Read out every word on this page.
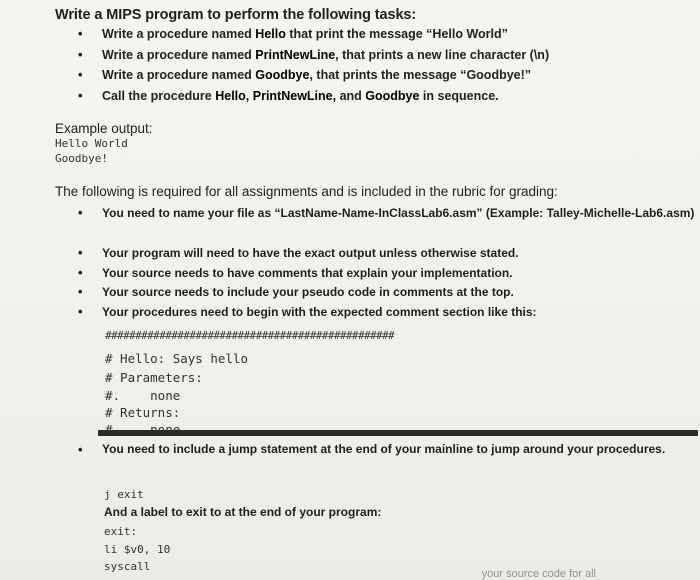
Write a MIPS program to perform the following tasks:
• Write a procedure named Hello that print the message “Hello World”
• Write a procedure named PrintNewLine, that prints a new line character (\n)
• Write a procedure named Goodbye, that prints the message “Goodbye!”
• Call the procedure Hello, PrintNewLine, and Goodbye in sequence.
Example output:
Hello World
Goodbye!
The following is required for all assignments and is included in the rubric for grading:
• You need to name your file as “LastName-Name-InClassLab6.asm” (Example: Talley-Michelle-Lab6.asm)
• Your program will need to have the exact output unless otherwise stated.
• Your source needs to have comments that explain your implementation.
• Your source needs to include your pseudo code in comments at the top.
• Your procedures need to begin with the expected comment section like this:
################################################
# Hello: Says hello
# Parameters:
#.    none
# Returns:
• You need to include a jump statement at the end of your mainline to jump around your procedures.
j exit
And a label to exit to at the end of your program:
exit:
li $v0, 10
syscall
your source code for all
